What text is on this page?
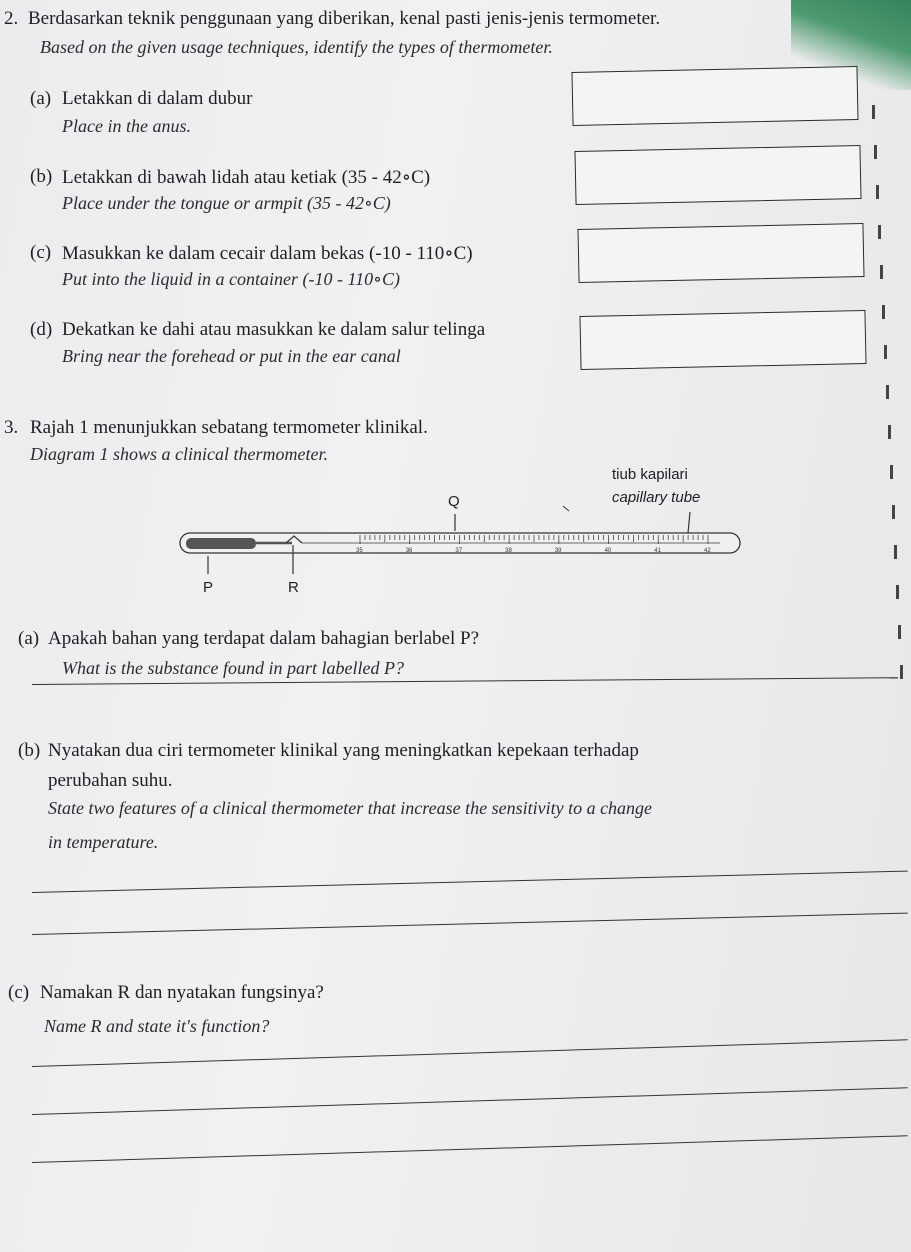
2. Berdasarkan teknik penggunaan yang diberikan, kenal pasti jenis-jenis termometer.
Based on the given usage techniques, identify the types of thermometer.
(a) Letakkan di dalam dubur
Place in the anus.
(b) Letakkan di bawah lidah atau ketiak (35 - 42∘C)
Place under the tongue or armpit (35 - 42∘C)
(c) Masukkan ke dalam cecair dalam bekas (-10 - 110∘C)
Put into the liquid in a container (-10 - 110∘C)
(d) Dekatkan ke dahi atau masukkan ke dalam salur telinga
Bring near the forehead or put in the ear canal
3. Rajah 1 menunjukkan sebatang termometer klinikal.
Diagram 1 shows a clinical thermometer.
tiub kapilari
capillary tube
Q
P	R
35	36	37	38	39	40	41	42
(a) Apakah bahan yang terdapat dalam bahagian berlabel P?
What is the substance found in part labelled P?
(b) Nyatakan dua ciri termometer klinikal yang meningkatkan kepekaan terhadap
perubahan suhu.
State two features of a clinical thermometer that increase the sensitivity to a change
in temperature.
(c) Namakan R dan nyatakan fungsinya?
Name R and state it's function?
